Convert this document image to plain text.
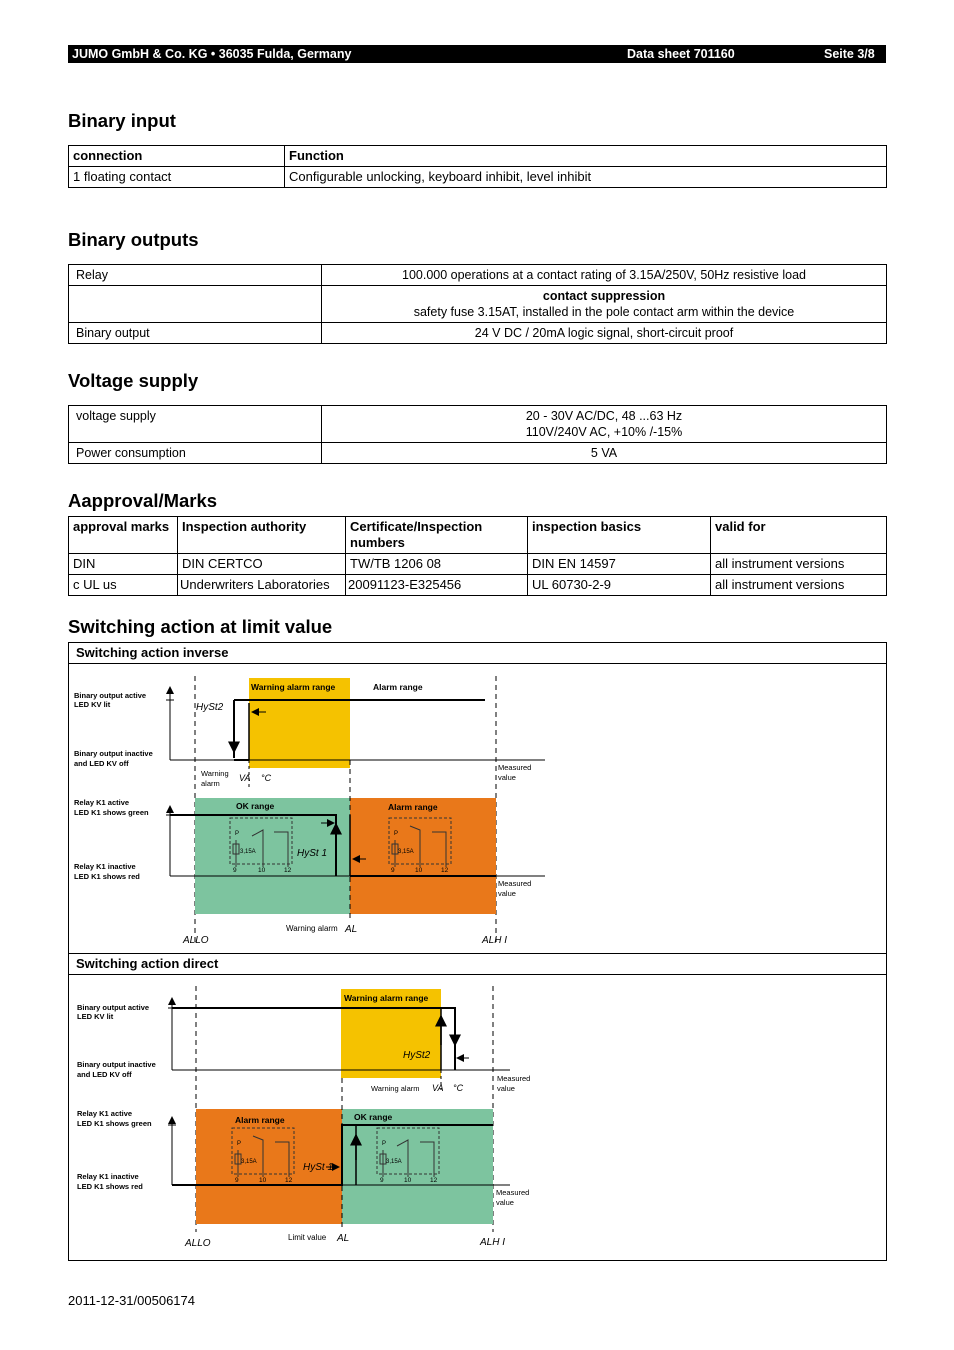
JUMO GmbH & Co. KG • 36035 Fulda, Germany	Data sheet 701160	Seite 3/8
Binary input
connection	Function
1 floating contact	Configurable unlocking, keyboard inhibit, level inhibit
Binary outputs
Relay	100.000 operations at a contact rating of 3.15A/250V, 50Hz resistive load

	contact suppression
safety fuse 3.15AT, installed in the pole contact arm within the device

Binary output	24 V DC / 20mA logic signal, short-circuit proof
Voltage supply
voltage supply	20 - 30V AC/DC, 48 ...63 Hz
110V/240V AC, +10% /-15%

Power consumption	5 VA
Aapproval/Marks
approval marks	Inspection authority	Certificate/Inspection numbers	inspection basics	valid for
DIN	DIN CERTCO	TW/TB 1206 08	DIN EN 14597	all instrument versions
c UL us	Underwriters Laboratories	20091123-E325456	UL 60730-2-9	all instrument versions
Switching action at limit value
Switching action inverse
Switching action direct
Warning alarm range	Alarm range
Binary output active
LED KV lit
Binary output inactive
and LED KV off
HySt2
Warning
alarm
VA °C
Measured
value
OK range	Alarm range
Relay K1 active
LED K1 shows green
Relay K1 inactive
LED K1 shows red
HySt 1
Measured
value
Warning alarm AL
ALLO	ALH I
3,15A
P
9	10	12
3,15A
P
9	10	12
Warning alarm range
Binary output active
LED KV lit
Binary output inactive
and LED KV off
HySt2
Warning alarm VA °C
Measured
value
Alarm range	OK range
Relay K1 active
LED K1 shows green
Relay K1 inactive
LED K1 shows red
HySt 1
Measured
value
Limit value AL
ALLO	ALH I
3,15A
P
9	10	12
3,15A
P
9	10	12
2011-12-31/00506174
